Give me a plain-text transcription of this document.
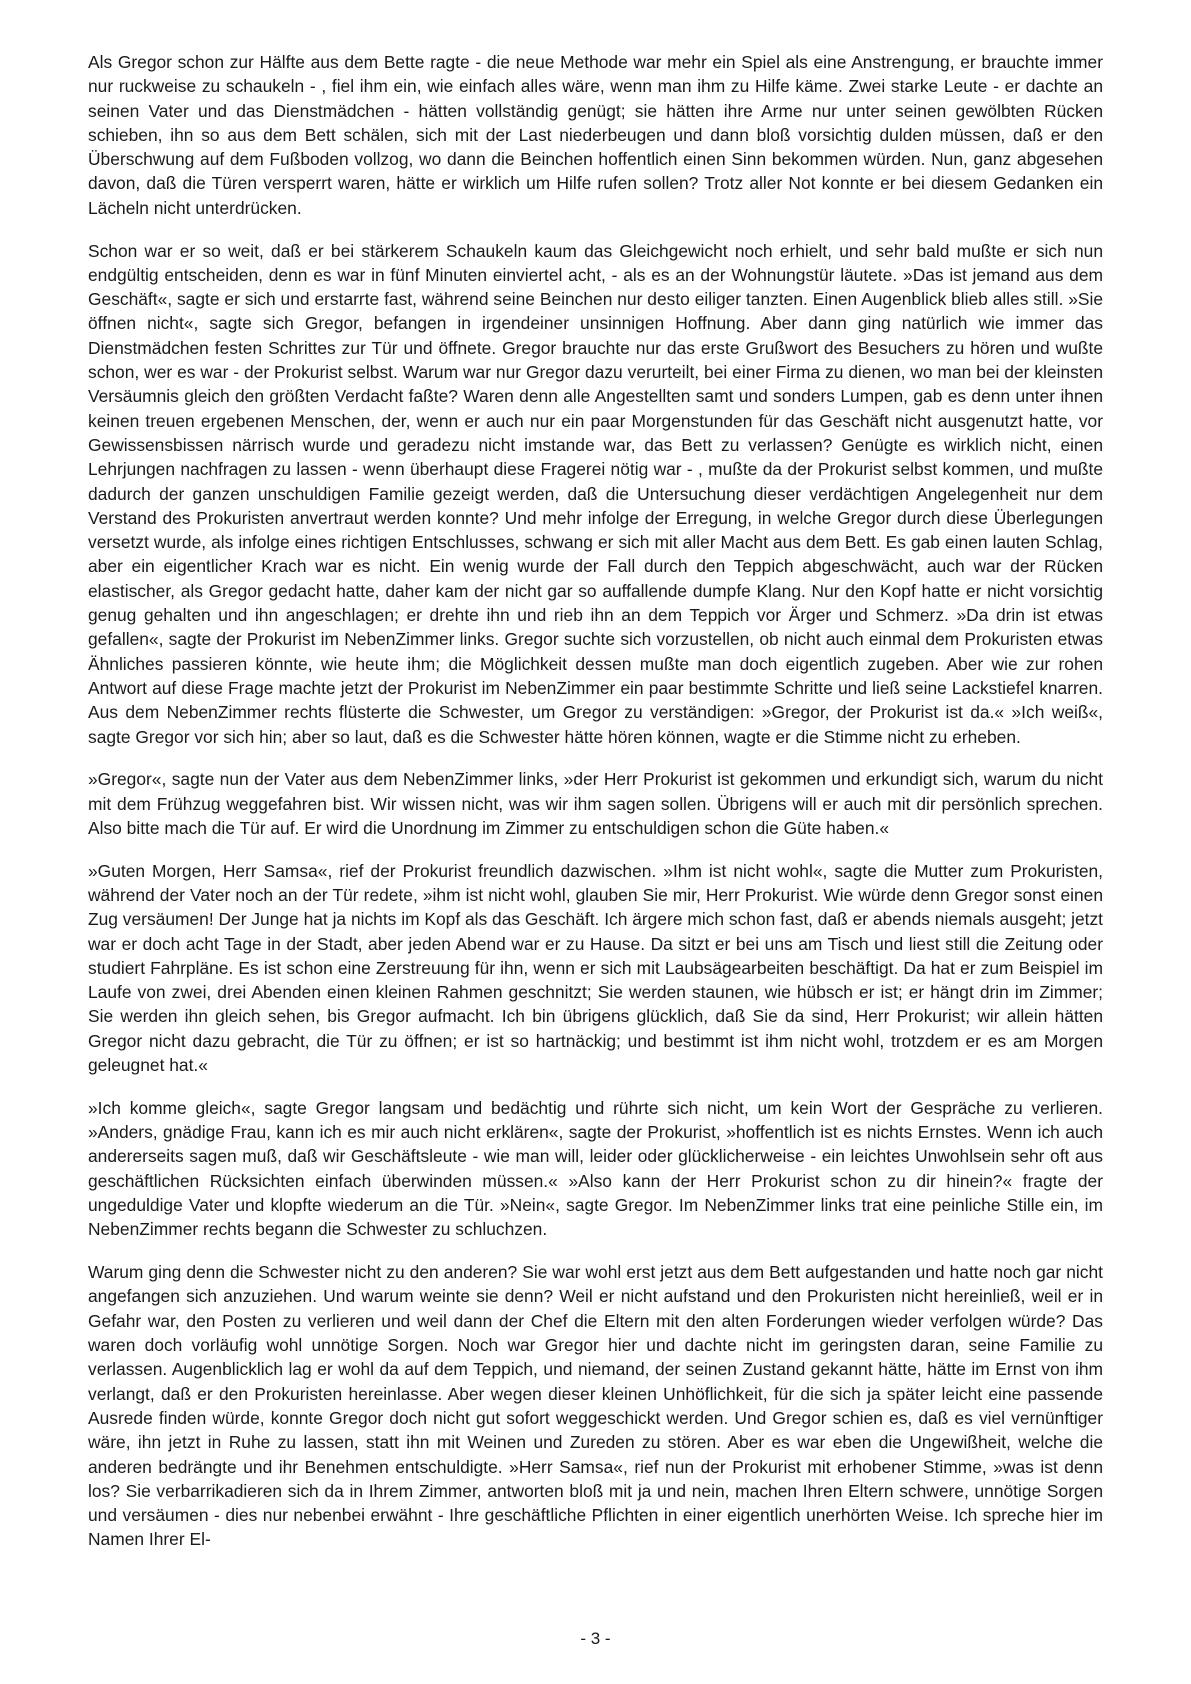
Als Gregor schon zur Hälfte aus dem Bette ragte - die neue Methode war mehr ein Spiel als eine Anstrengung, er brauchte immer nur ruckweise zu schaukeln - , fiel ihm ein, wie einfach alles wäre, wenn man ihm zu Hilfe käme. Zwei starke Leute - er dachte an seinen Vater und das Dienstmädchen - hätten vollständig genügt; sie hätten ihre Arme nur unter seinen gewölbten Rücken schieben, ihn so aus dem Bett schälen, sich mit der Last niederbeugen und dann bloß vorsichtig dulden müssen, daß er den Überschwung auf dem Fußboden vollzog, wo dann die Beinchen hoffentlich einen Sinn bekommen würden. Nun, ganz abgesehen davon, daß die Türen versperrt waren, hätte er wirklich um Hilfe rufen sollen? Trotz aller Not konnte er bei diesem Gedanken ein Lächeln nicht unterdrücken.

Schon war er so weit, daß er bei stärkerem Schaukeln kaum das Gleichgewicht noch erhielt, und sehr bald mußte er sich nun endgültig entscheiden, denn es war in fünf Minuten einviertel acht, - als es an der Wohnungstür läutete. »Das ist jemand aus dem Geschäft«, sagte er sich und erstarrte fast, während seine Beinchen nur desto eiliger tanzten. Einen Augenblick blieb alles still. »Sie öffnen nicht«, sagte sich Gregor, befangen in irgendeiner unsinnigen Hoffnung. Aber dann ging natürlich wie immer das Dienstmädchen festen Schrittes zur Tür und öffnete. Gregor brauchte nur das erste Grußwort des Besuchers zu hören und wußte schon, wer es war - der Prokurist selbst. Warum war nur Gregor dazu verurteilt, bei einer Firma zu dienen, wo man bei der kleinsten Versäumnis gleich den größten Verdacht faßte? Waren denn alle Angestellten samt und sonders Lumpen, gab es denn unter ihnen keinen treuen ergebenen Menschen, der, wenn er auch nur ein paar Morgenstunden für das Geschäft nicht ausgenutzt hatte, vor Gewissensbissen närrisch wurde und geradezu nicht imstande war, das Bett zu verlassen? Genügte es wirklich nicht, einen Lehrjungen nachfragen zu lassen - wenn überhaupt diese Fragerei nötig war - , mußte da der Prokurist selbst kommen, und mußte dadurch der ganzen unschuldigen Familie gezeigt werden, daß die Untersuchung dieser verdächtigen Angelegenheit nur dem Verstand des Prokuristen anvertraut werden konnte? Und mehr infolge der Erregung, in welche Gregor durch diese Überlegungen versetzt wurde, als infolge eines richtigen Entschlusses, schwang er sich mit aller Macht aus dem Bett. Es gab einen lauten Schlag, aber ein eigentlicher Krach war es nicht. Ein wenig wurde der Fall durch den Teppich abgeschwächt, auch war der Rücken elastischer, als Gregor gedacht hatte, daher kam der nicht gar so auffallende dumpfe Klang. Nur den Kopf hatte er nicht vorsichtig genug gehalten und ihn angeschlagen; er drehte ihn und rieb ihn an dem Teppich vor Ärger und Schmerz. »Da drin ist etwas gefallen«, sagte der Prokurist im NebenZimmer links. Gregor suchte sich vorzustellen, ob nicht auch einmal dem Prokuristen etwas Ähnliches passieren könnte, wie heute ihm; die Möglichkeit dessen mußte man doch eigentlich zugeben. Aber wie zur rohen Antwort auf diese Frage machte jetzt der Prokurist im NebenZimmer ein paar bestimmte Schritte und ließ seine Lackstiefel knarren. Aus dem NebenZimmer rechts flüsterte die Schwester, um Gregor zu verständigen: »Gregor, der Prokurist ist da.« »Ich weiß«, sagte Gregor vor sich hin; aber so laut, daß es die Schwester hätte hören können, wagte er die Stimme nicht zu erheben.

»Gregor«, sagte nun der Vater aus dem NebenZimmer links, »der Herr Prokurist ist gekommen und erkundigt sich, warum du nicht mit dem Frühzug weggefahren bist. Wir wissen nicht, was wir ihm sagen sollen. Übrigens will er auch mit dir persönlich sprechen. Also bitte mach die Tür auf. Er wird die Unordnung im Zimmer zu entschuldigen schon die Güte haben.«

»Guten Morgen, Herr Samsa«, rief der Prokurist freundlich dazwischen. »Ihm ist nicht wohl«, sagte die Mutter zum Prokuristen, während der Vater noch an der Tür redete, »ihm ist nicht wohl, glauben Sie mir, Herr Prokurist. Wie würde denn Gregor sonst einen Zug versäumen! Der Junge hat ja nichts im Kopf als das Geschäft. Ich ärgere mich schon fast, daß er abends niemals ausgeht; jetzt war er doch acht Tage in der Stadt, aber jeden Abend war er zu Hause. Da sitzt er bei uns am Tisch und liest still die Zeitung oder studiert Fahrpläne. Es ist schon eine Zerstreuung für ihn, wenn er sich mit Laubsägearbeiten beschäftigt. Da hat er zum Beispiel im Laufe von zwei, drei Abenden einen kleinen Rahmen geschnitzt; Sie werden staunen, wie hübsch er ist; er hängt drin im Zimmer; Sie werden ihn gleich sehen, bis Gregor aufmacht. Ich bin übrigens glücklich, daß Sie da sind, Herr Prokurist; wir allein hätten Gregor nicht dazu gebracht, die Tür zu öffnen; er ist so hartnäckig; und bestimmt ist ihm nicht wohl, trotzdem er es am Morgen geleugnet hat.«

»Ich komme gleich«, sagte Gregor langsam und bedächtig und rührte sich nicht, um kein Wort der Gespräche zu verlieren. »Anders, gnädige Frau, kann ich es mir auch nicht erklären«, sagte der Prokurist, »hoffentlich ist es nichts Ernstes. Wenn ich auch andererseits sagen muß, daß wir Geschäftsleute - wie man will, leider oder glücklicherweise - ein leichtes Unwohlsein sehr oft aus geschäftlichen Rücksichten einfach überwinden müssen.« »Also kann der Herr Prokurist schon zu dir hinein?« fragte der ungeduldige Vater und klopfte wiederum an die Tür. »Nein«, sagte Gregor. Im NebenZimmer links trat eine peinliche Stille ein, im NebenZimmer rechts begann die Schwester zu schluchzen.

Warum ging denn die Schwester nicht zu den anderen? Sie war wohl erst jetzt aus dem Bett aufgestanden und hatte noch gar nicht angefangen sich anzuziehen. Und warum weinte sie denn? Weil er nicht aufstand und den Prokuristen nicht hereinließ, weil er in Gefahr war, den Posten zu verlieren und weil dann der Chef die Eltern mit den alten Forderungen wieder verfolgen würde? Das waren doch vorläufig wohl unnötige Sorgen. Noch war Gregor hier und dachte nicht im geringsten daran, seine Familie zu verlassen. Augenblicklich lag er wohl da auf dem Teppich, und niemand, der seinen Zustand gekannt hätte, hätte im Ernst von ihm verlangt, daß er den Prokuristen hereinlasse. Aber wegen dieser kleinen Unhöflichkeit, für die sich ja später leicht eine passende Ausrede finden würde, konnte Gregor doch nicht gut sofort weggeschickt werden. Und Gregor schien es, daß es viel vernünftiger wäre, ihn jetzt in Ruhe zu lassen, statt ihn mit Weinen und Zureden zu stören. Aber es war eben die Ungewißheit, welche die anderen bedrängte und ihr Benehmen entschuldigte. »Herr Samsa«, rief nun der Prokurist mit erhobener Stimme, »was ist denn los? Sie verbarrikadieren sich da in Ihrem Zimmer, antworten bloß mit ja und nein, machen Ihren Eltern schwere, unnötige Sorgen und versäumen - dies nur nebenbei erwähnt - Ihre geschäftliche Pflichten in einer eigentlich unerhörten Weise. Ich spreche hier im Namen Ihrer El-

- 3 -
